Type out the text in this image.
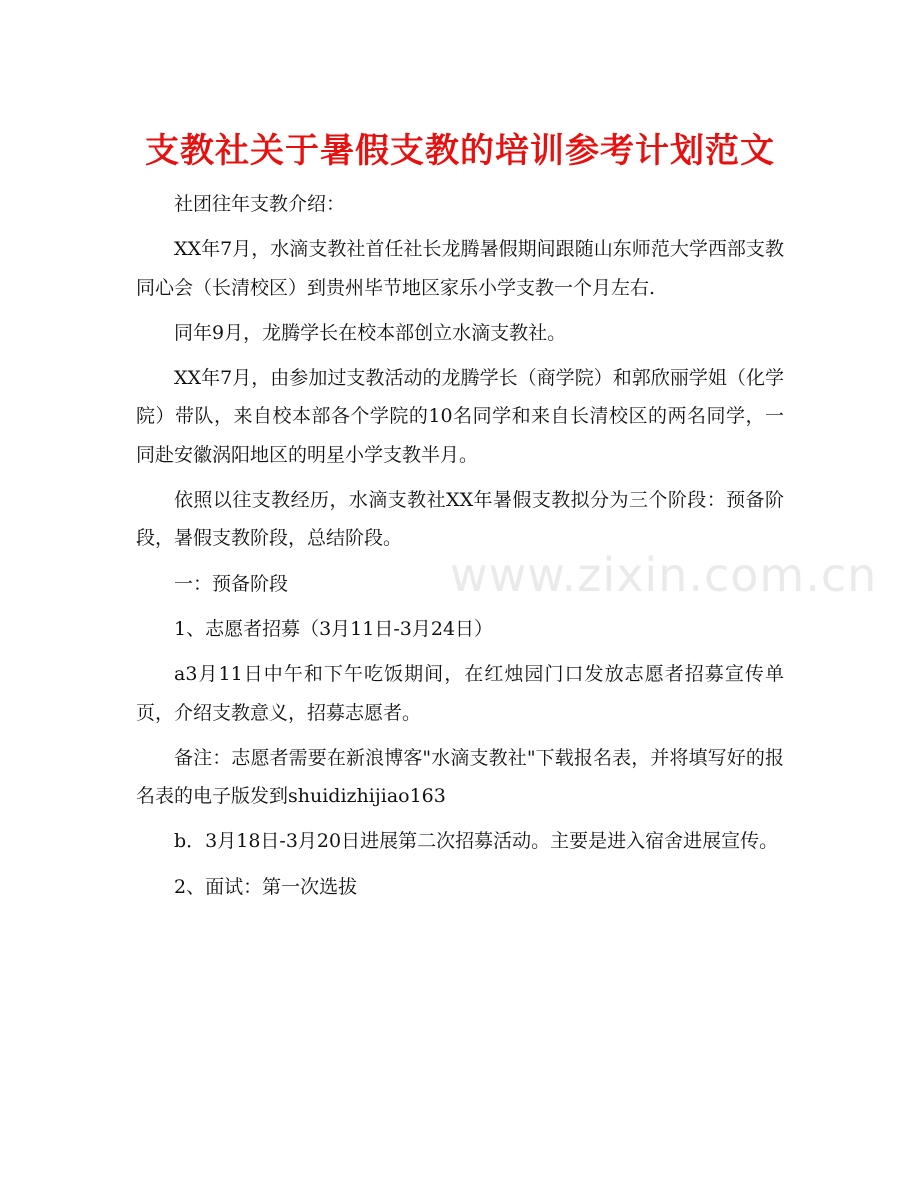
支教社关于暑假支教的培训参考计划范文

社团往年支教介绍：

XX年7月，水滴支教社首任社长龙腾暑假期间跟随山东师范大学西部支教同心会（长清校区）到贵州毕节地区家乐小学支教一个月左右.

同年9月，龙腾学长在校本部创立水滴支教社。

XX年7月，由参加过支教活动的龙腾学长（商学院）和郭欣丽学姐（化学院）带队，来自校本部各个学院的10名同学和来自长清校区的两名同学，一同赴安徽涡阳地区的明星小学支教半月。

依照以往支教经历，水滴支教社XX年暑假支教拟分为三个阶段：预备阶段，暑假支教阶段，总结阶段。

一：预备阶段

1、志愿者招募（3月11日-3月24日）

a3月11日中午和下午吃饭期间，在红烛园门口发放志愿者招募宣传单页，介绍支教意义，招募志愿者。

备注：志愿者需要在新浪博客"水滴支教社"下载报名表，并将填写好的报名表的电子版发到shuidizhijiao163

b．3月18日-3月20日进展第二次招募活动。主要是进入宿舍进展宣传。

2、面试：第一次选拔

www.zixin.com.cn
